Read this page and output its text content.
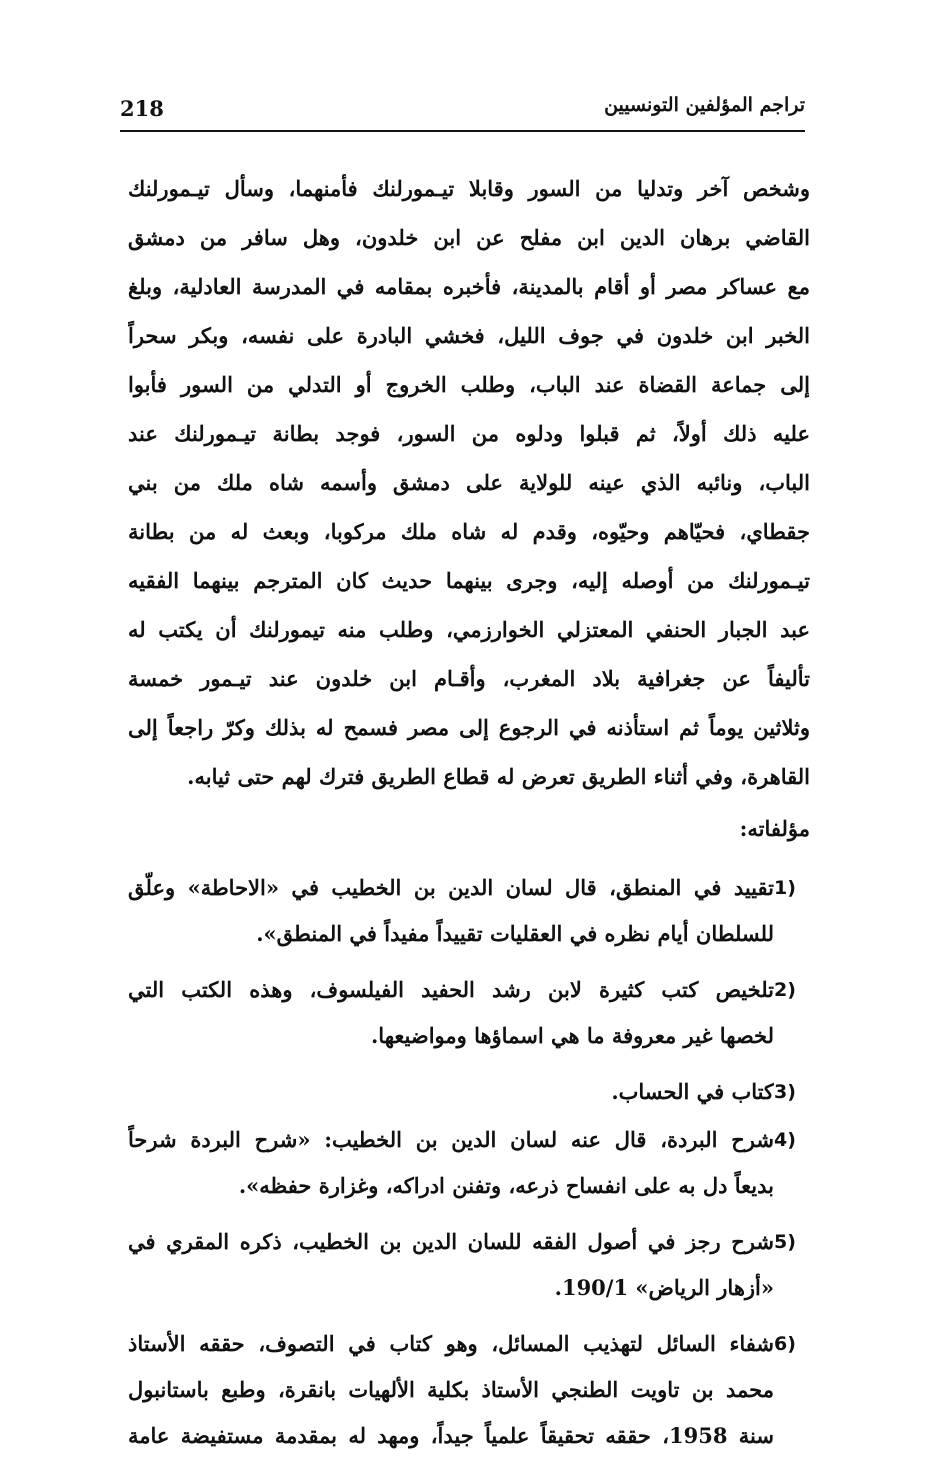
218	تراجم المؤلفين التونسيين
وشخص آخر وتدليا من السور وقابلا تيـمورلنك فأمنهما، وسأل تيـمورلنك
القاضي برهان الدين ابن مفلح عن ابن خلدون، وهل سافر من دمشق
مع عساكر مصر أو أقام بالمدينة، فأخبره بمقامه في المدرسة العادلية، وبلغ
الخبر ابن خلدون في جوف الليل، فخشي البادرة على نفسه، وبكر سحراً
إلى جماعة القضاة عند الباب، وطلب الخروج أو التدلي من السور فأبوا
عليه ذلك أولاً، ثم قبلوا ودلوه من السور، فوجد بطانة تيـمورلنك عند
الباب، ونائبه الذي عينه للولاية على دمشق وأسمه شاه ملك من بني
جقطاي، فحيّاهم وحيّوه، وقدم له شاه ملك مركوبا، وبعث له من بطانة
تيـمورلنك من أوصله إليه، وجرى بينهما حديث كان المترجم بينهما الفقيه
عبد الجبار الحنفي المعتزلي الخوارزمي، وطلب منه تيمورلنك أن يكتب له
تأليفاً عن جغرافية بلاد المغرب، وأقـام ابن خلدون عند تيـمور خمسة
وثلاثين يوماً ثم استأذنه في الرجوع إلى مصر فسمح له بذلك وكرّ راجعاً إلى
القاهرة، وفي أثناء الطريق تعرض له قطاع الطريق فترك لهم حتى ثيابه.
مؤلفاته:
1)
تقييد في المنطق، قال لسان الدين بن الخطيب في «الاحاطة» وعلّق
للسلطان أيام نظره في العقليات تقييداً مفيداً في المنطق».
2)
تلخيص كتب كثيرة لابن رشد الحفيد الفيلسوف، وهذه الكتب التي
لخصها غير معروفة ما هي اسماؤها ومواضيعها.
3)
كتاب في الحساب.
4)
شرح البردة، قال عنه لسان الدين بن الخطيب: «شرح البردة شرحاً
بديعاً دل به على انفساح ذرعه، وتفنن ادراكه، وغزارة حفظه».
5)
شرح رجز في أصول الفقه للسان الدين بن الخطيب، ذكره المقري في
«أزهار الرياض» 190/1.
6)
شفاء السائل لتهذيب المسائل، وهو كتاب في التصوف، حققه الأستاذ
محمد بن تاويت الطنجي الأستاذ بكلية الألهيات بانقرة، وطبع باستانبول
سنة 1958، حققه تحقيقاً علمياً جيداً، ومهد له بمقدمة مستفيضة عامة
